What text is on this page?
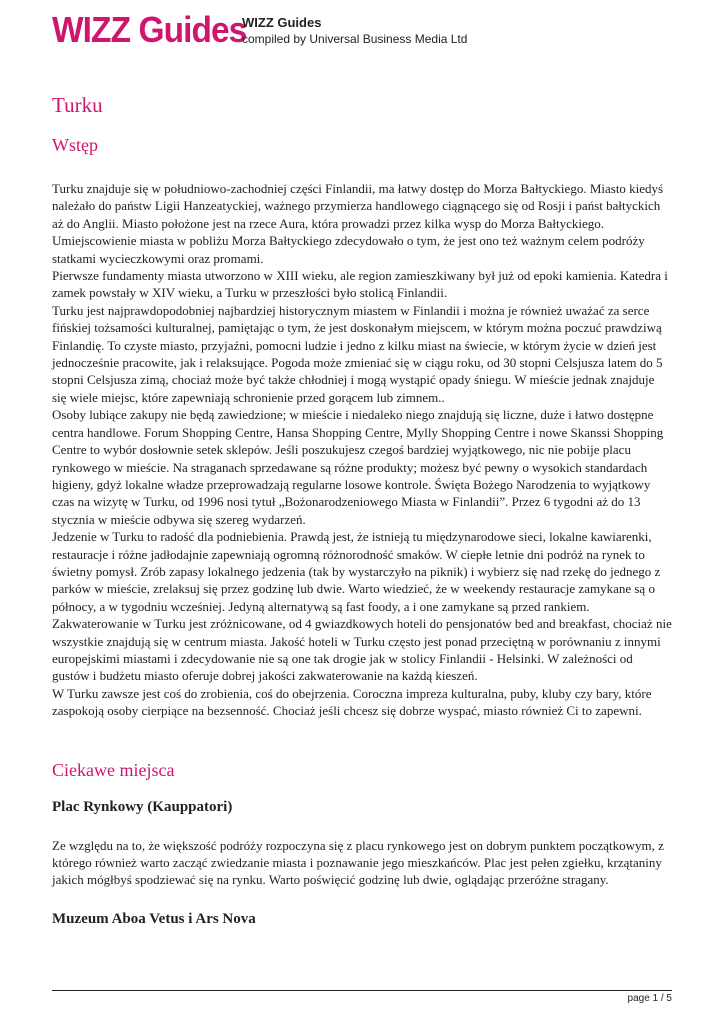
WIZZ Guides
WIZZ Guides
compiled by Universal Business Media Ltd
Turku
Wstęp

Turku znajduje się w południowo-zachodniej części Finlandii, ma łatwy dostęp do Morza Bałtyckiego. Miasto kiedyś należało do państw Ligii Hanzeatyckiej, ważnego przymierza handlowego ciągnącego się od Rosji i państ bałtyckich aż do Anglii. Miasto położone jest na rzece Aura, która prowadzi przez kilka wysp do Morza Bałtyckiego. Umiejscowienie miasta w pobliżu Morza Bałtyckiego zdecydowało o tym, że jest ono też ważnym celem podróży statkami wycieczkowymi oraz promami.

Pierwsze fundamenty miasta utworzono w XIII wieku, ale region zamieszkiwany był już od epoki kamienia. Katedra i zamek powstały w XIV wieku, a Turku w przeszłości było stolicą Finlandii.

Turku jest najprawdopodobniej najbardziej historycznym miastem w Finlandii i można je również uważać za serce fińskiej tożsamości kulturalnej, pamiętając o tym, że jest doskonałym miejscem, w którym można poczuć prawdziwą Finlandię. To czyste miasto, przyjaźni, pomocni ludzie i jedno z kilku miast na świecie, w którym życie w dzień jest jednocześnie pracowite, jak i relaksujące. Pogoda może zmieniać się w ciągu roku, od 30 stopni Celsjusza latem do 5 stopni Celsjusza zimą, chociaż może być także chłodniej i mogą wystąpić opady śniegu. W mieście jednak znajduje się wiele miejsc, które zapewniają schronienie przed gorącem lub zimnem..

Osoby lubiące zakupy nie będą zawiedzione; w mieście i niedaleko niego znajdują się liczne, duże i łatwo dostępne centra handlowe. Forum Shopping Centre, Hansa Shopping Centre, Mylly Shopping Centre i nowe Skanssi Shopping Centre to wybór dosłownie setek sklepów. Jeśli poszukujesz czegoś bardziej wyjątkowego, nic nie pobije placu rynkowego w mieście. Na straganach sprzedawane są różne produkty; możesz być pewny o wysokich standardach higieny, gdyż lokalne władze przeprowadzają regularne losowe kontrole. Święta Bożego Narodzenia to wyjątkowy czas na wizytę w Turku, od 1996 nosi tytuł „Bożonarodzeniowego Miasta w Finlandii”. Przez 6 tygodni aż do 13 stycznia w mieście odbywa się szereg wydarzeń.

Jedzenie w Turku to radość dla podniebienia. Prawdą jest, że istnieją tu międzynarodowe sieci, lokalne kawiarenki, restauracje i różne jadłodajnie zapewniają ogromną różnorodność smaków. W ciepłe letnie dni podróż na rynek to świetny pomysł. Zrób zapasy lokalnego jedzenia (tak by wystarczyło na piknik) i wybierz się nad rzekę do jednego z parków w mieście, zrelaksuj się przez godzinę lub dwie. Warto wiedzieć, że w weekendy restauracje zamykane są o północy, a w tygodniu wcześniej. Jedyną alternatywą są fast foody, a i one zamykane są przed rankiem.

Zakwaterowanie w Turku jest zróżnicowane, od 4 gwiazdkowych hoteli do pensjonatów bed and breakfast, chociaż nie wszystkie znajdują się w centrum miasta. Jakość hoteli w Turku często jest ponad przeciętną w porównaniu z innymi europejskimi miastami i zdecydowanie nie są one tak drogie jak w stolicy Finlandii - Helsinki. W zależności od gustów i budżetu miasto oferuje dobrej jakości zakwaterowanie na każdą kieszeń.

W Turku zawsze jest coś do zrobienia, coś do obejrzenia. Coroczna impreza kulturalna, puby, kluby czy bary, które zaspokoją osoby cierpiące na bezsenność. Chociaż jeśli chcesz się dobrze wyspać, miasto również Ci to zapewni.

Ciekawe miejsca
Plac Rynkowy (Kauppatori)

Ze względu na to, że większość podróży rozpoczyna się z placu rynkowego jest on dobrym punktem początkowym, z którego również warto zacząć zwiedzanie miasta i poznawanie jego mieszkańców. Plac jest pełen zgiełku, krzątaniny jakich mógłbyś spodziewać się na rynku. Warto poświęcić godzinę lub dwie, oglądając przeróżne stragany.

Muzeum Aboa Vetus i Ars Nova
page 1 / 5
